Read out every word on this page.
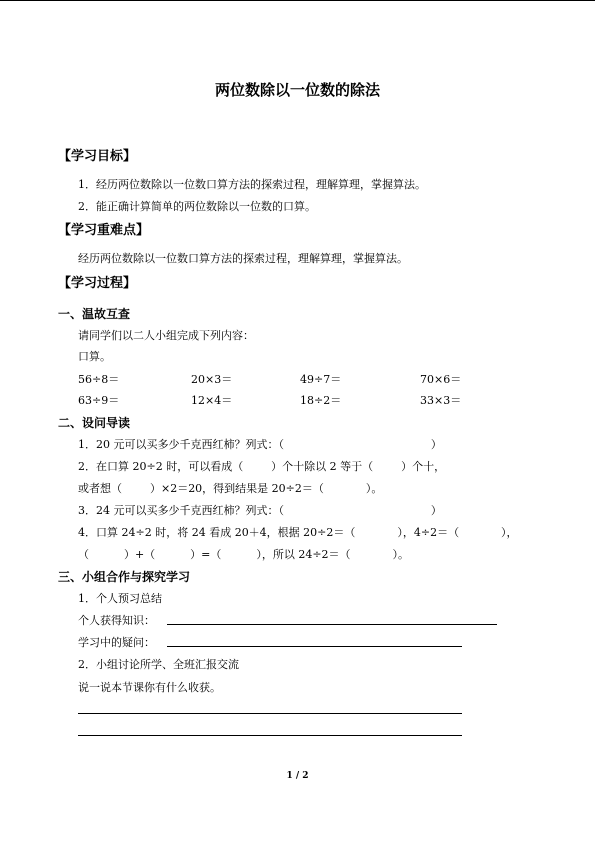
两位数除以一位数的除法
【学习目标】
1．经历两位数除以一位数口算方法的探索过程，理解算理，掌握算法。
2．能正确计算简单的两位数除以一位数的口算。
【学习重难点】
经历两位数除以一位数口算方法的探索过程，理解算理，掌握算法。
【学习过程】
一、温故互查
请同学们以二人小组完成下列内容：
口算。
56÷8＝	20×3＝	49÷7＝	70×6＝
63÷9＝	12×4＝	18÷2＝	33×3＝
二、设问导读
1．20 元可以买多少千克西红柿？列式：（                                          ）
2．在口算 20÷2 时，可以看成（        ）个十除以 2 等于（        ）个十，
或者想（        ）×2＝20，得到结果是 20÷2＝（            ）。
3．24 元可以买多少千克西红柿？列式：（                                          ）
4．口算 24÷2 时，将 24 看成 20＋4，根据 20÷2＝（            ），4÷2＝（            ），
（          ）+（          ）=（          ），所以 24÷2＝（            ）。
三、小组合作与探究学习
1．个人预习总结
个人获得知识：
学习中的疑问：
2．小组讨论所学、全班汇报交流
说一说本节课你有什么收获。
1 / 2
